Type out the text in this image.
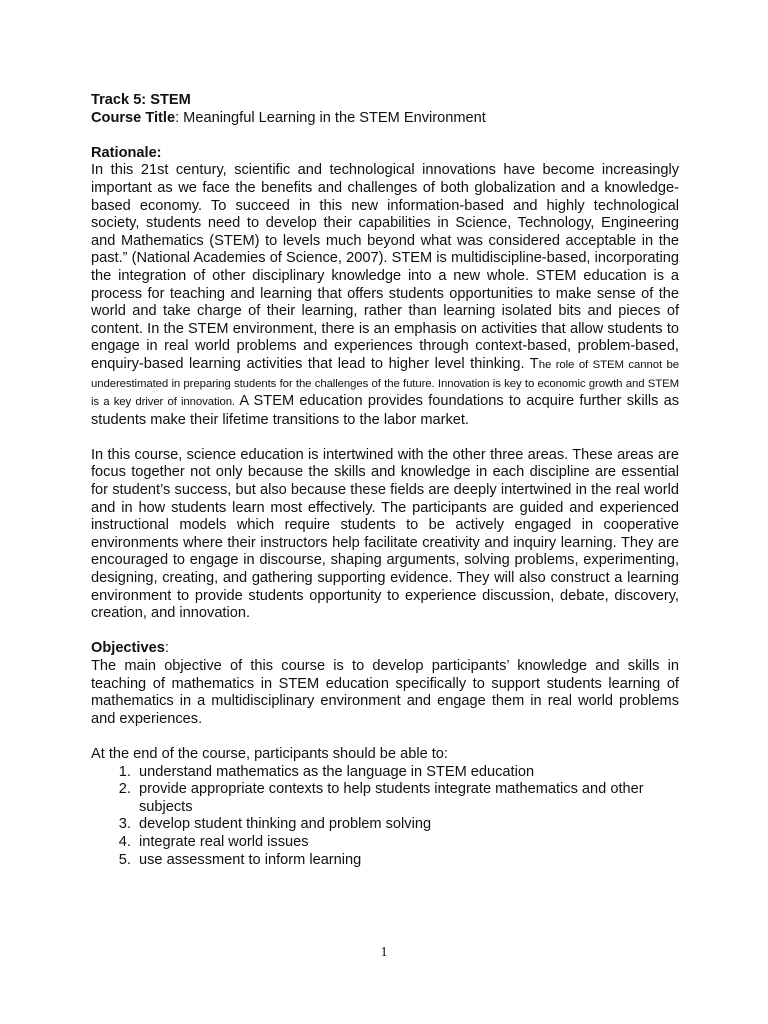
Track 5: STEM
Course Title: Meaningful Learning in the STEM Environment
Rationale:

In this 21st century, scientific and technological innovations have become increasingly important as we face the benefits and challenges of both globalization and a knowledge-based economy. To succeed in this new information-based and highly technological society, students need to develop their capabilities in Science, Technology, Engineering and Mathematics (STEM) to levels much beyond what was considered acceptable in the past.” (National Academies of Science, 2007). STEM is multidiscipline-based, incorporating the integration of other disciplinary knowledge into a new whole. STEM education is a process for teaching and learning that offers students opportunities to make sense of the world and take charge of their learning, rather than learning isolated bits and pieces of content. In the STEM environment, there is an emphasis on activities that allow students to engage in real world problems and experiences through context-based, problem-based, enquiry-based learning activities that lead to higher level thinking. The role of STEM cannot be underestimated in preparing students for the challenges of the future. Innovation is key to economic growth and STEM is a key driver of innovation. A STEM education provides foundations to acquire further skills as students make their lifetime transitions to the labor market.

In this course, science education is intertwined with the other three areas. These areas are focus together not only because the skills and knowledge in each discipline are essential for student’s success, but also because these fields are deeply intertwined in the real world and in how students learn most effectively. The participants are guided and experienced instructional models which require students to be actively engaged in cooperative environments where their instructors help facilitate creativity and inquiry learning. They are encouraged to engage in discourse, shaping arguments, solving problems, experimenting, designing, creating, and gathering supporting evidence. They will also construct a learning environment to provide students opportunity to experience discussion, debate, discovery, creation, and innovation.

Objectives:

The main objective of this course is to develop participants’ knowledge and skills in teaching of mathematics in STEM education specifically to support students learning of mathematics in a multidisciplinary environment and engage them in real world problems and experiences.

At the end of the course, participants should be able to:
1. understand mathematics as the language in STEM education
2. provide appropriate contexts to help students integrate mathematics and other subjects
3. develop student thinking and problem solving
4. integrate real world issues
5. use assessment to inform learning
1
